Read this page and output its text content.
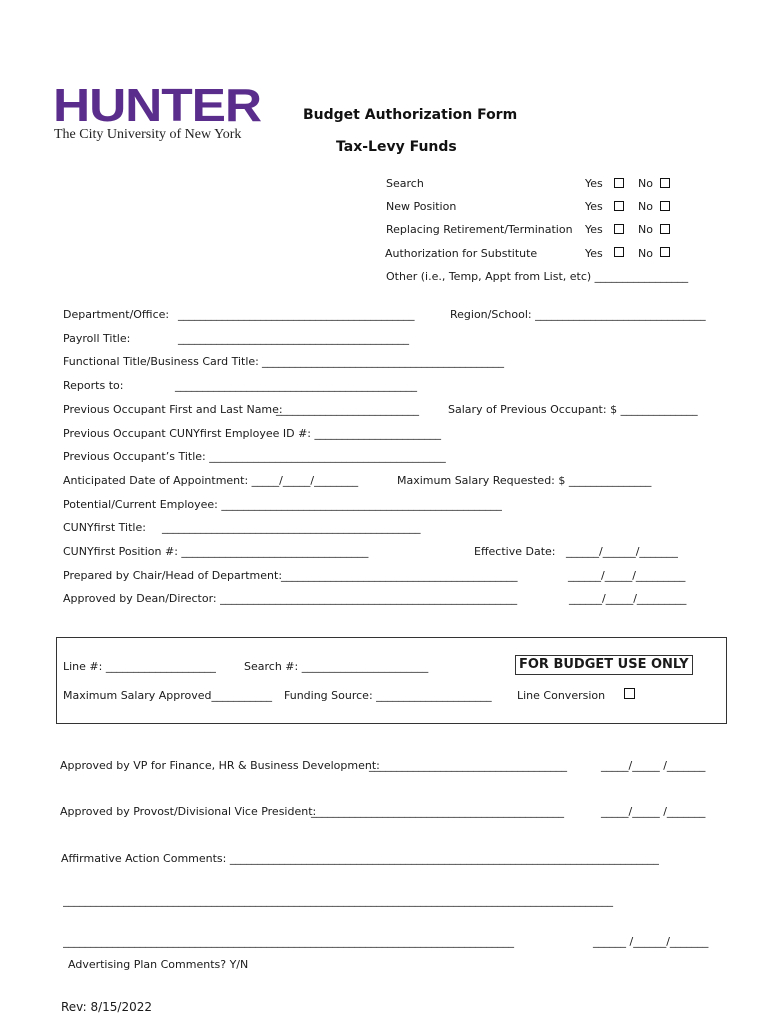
HUNTER
The City University of New York
Budget Authorization Form
Tax-Levy Funds
Search	Yes	No
New Position	Yes	No
Replacing Retirement/Termination Yes	No
Authorization for Substitute	Yes	No
Other (i.e., Temp, Appt from List, etc) _________________
Department/Office: ___________________________________________	Region/School: _______________________________
Payroll Title:	__________________________________________
Functional Title/Business Card Title: ____________________________________________
Reports to:	____________________________________________
Previous Occupant First and Last Name:
__________________________	Salary of Previous Occupant: $ ______________
Previous Occupant CUNYfirst Employee ID #: _______________________
Previous Occupant’s Title: ___________________________________________
Anticipated Date of Appointment: _____/_____/________	Maximum Salary Requested: $ _______________
Potential/Current Employee: ___________________________________________________
CUNYfirst Title: _______________________________________________
CUNYfirst Position #: __________________________________	Effective Date: ______/______/_______
Prepared by Chair/Head of Department:
___________________________________________	______/_____/_________
Approved by Dean/Director: ______________________________________________________	______/_____/_________
Line #: ____________________	Search #: _______________________	FOR BUDGET USE ONLY
Maximum Salary Approved___________ Funding Source: _____________________ Line Conversion
Approved by VP for Finance, HR & Business Development:
____________________________________	_____/_____ /_______
Approved by Provost/Divisional Vice President:
______________________________________________	_____/_____ /_______
Affirmative Action Comments: ______________________________________________________________________________
____________________________________________________________________________________________________
__________________________________________________________________________________	______ /______/_______
Advertising Plan Comments? Y/N
Rev: 8/15/2022
